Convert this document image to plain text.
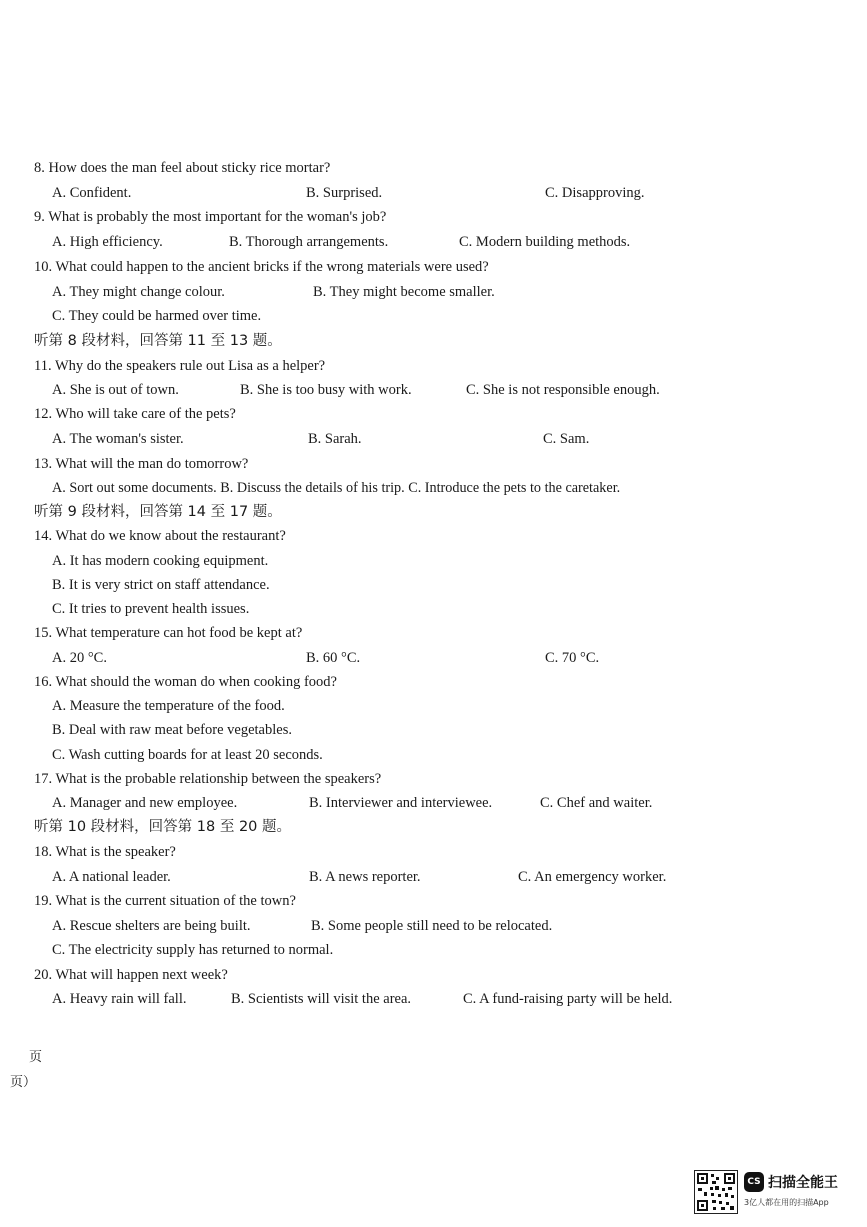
8. How does the man feel about sticky rice mortar?
A. Confident.	B. Surprised.	C. Disapproving.
9. What is probably the most important for the woman's job?
A. High efficiency.	B. Thorough arrangements.	C. Modern building methods.
10. What could happen to the ancient bricks if the wrong materials were used?
A. They might change colour.	B. They might become smaller.
C. They could be harmed over time.
听第 8 段材料，回答第 11 至 13 题。
11. Why do the speakers rule out Lisa as a helper?
A. She is out of town.	B. She is too busy with work.	C. She is not responsible enough.
12. Who will take care of the pets?
A. The woman's sister.	B. Sarah.	C. Sam.
13. What will the man do tomorrow?
A. Sort out some documents. B. Discuss the details of his trip. C. Introduce the pets to the caretaker.
听第 9 段材料，回答第 14 至 17 题。
14. What do we know about the restaurant?
A. It has modern cooking equipment.
B. It is very strict on staff attendance.
C. It tries to prevent health issues.
15. What temperature can hot food be kept at?
A. 20 °C.	B. 60 °C.	C. 70 °C.
16. What should the woman do when cooking food?
A. Measure the temperature of the food.
B. Deal with raw meat before vegetables.
C. Wash cutting boards for at least 20 seconds.
17. What is the probable relationship between the speakers?
A. Manager and new employee.	B. Interviewer and interviewee.	C. Chef and waiter.
听第 10 段材料，回答第 18 至 20 题。
18. What is the speaker?
A. A national leader.	B. A news reporter.	C. An emergency worker.
19. What is the current situation of the town?
A. Rescue shelters are being built.	B. Some people still need to be relocated.
C. The electricity supply has returned to normal.
20. What will happen next week?
A. Heavy rain will fall.	B. Scientists will visit the area.	C. A fund-raising party will be held.
页
页）
CS 扫描全能王
3亿人都在用的扫描App
